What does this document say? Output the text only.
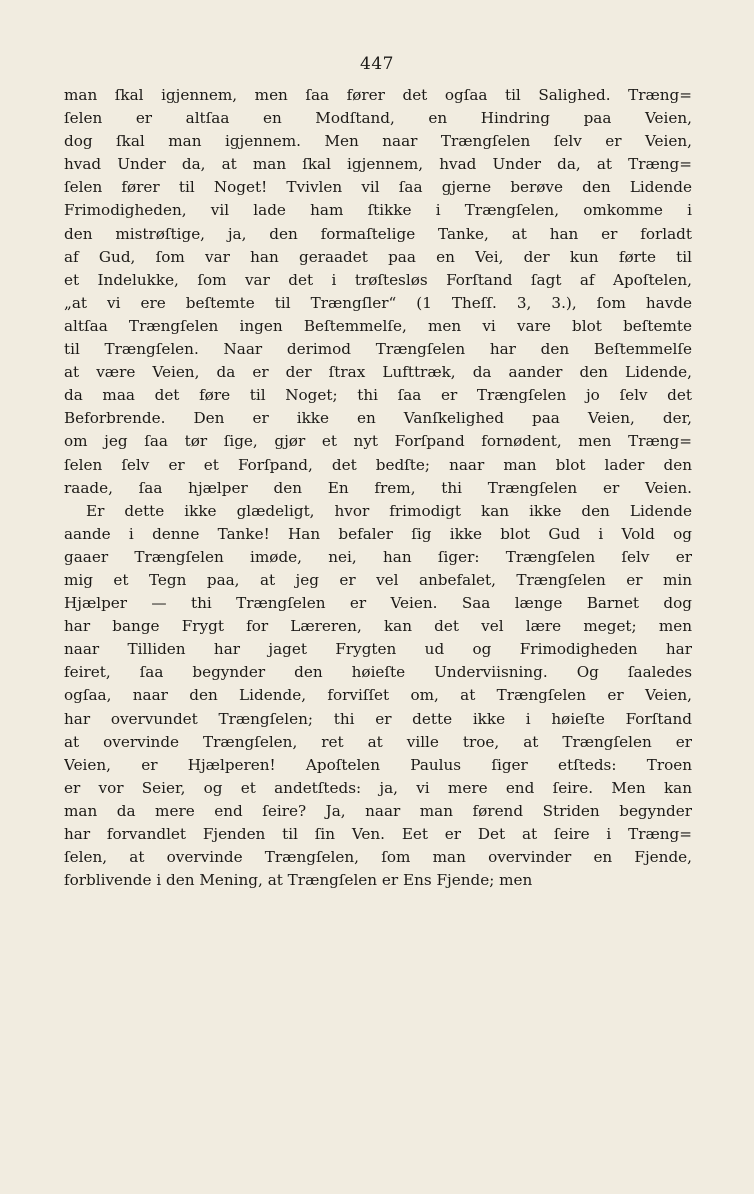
447
man ſkal igjennem, men ſaa fører det ogſaa til Salighed. Træng=
ſelen er altſaa en Modſtand, en Hindring paa Veien,
dog ſkal man igjennem. Men naar Trængſelen ſelv er Veien,
hvad Under da, at man ſkal igjennem, hvad Under da, at Træng=
ſelen fører til Noget! Tvivlen vil ſaa gjerne berøve den Lidende
Frimodigheden, vil lade ham ſtikke i Trængſelen, omkomme i
den mistrøſtige, ja, den formaſtelige Tanke, at han er forladt
af Gud, ſom var han geraadet paa en Vei, der kun førte til
et Indelukke, ſom var det i trøſtesløs Forſtand ſagt af Apoſtelen,
„at vi ere beſtemte til Trængſler“ (1 Theſſ. 3, 3.), ſom havde
altſaa Trængſelen ingen Beſtemmelſe, men vi vare blot beſtemte
til Trængſelen. Naar derimod Trængſelen har den Beſtemmelſe
at være Veien, da er der ſtrax Lufttræk, da aander den Lidende,
da maa det føre til Noget; thi ſaa er Trængſelen jo ſelv det
Beforbrende. Den er ikke en Vanſkelighed paa Veien, der,
om jeg ſaa tør ſige, gjør et nyt Forſpand fornødent, men Træng=
ſelen ſelv er et Forſpand, det bedſte; naar man blot lader den
raade, ſaa hjælper den En frem, thi Trængſelen er Veien.
Er dette ikke glædeligt, hvor frimodigt kan ikke den Lidende
aande i denne Tanke! Han befaler ſig ikke blot Gud i Vold og
gaaer Trængſelen imøde, nei, han ſiger: Trængſelen ſelv er
mig et Tegn paa, at jeg er vel anbefalet, Trængſelen er min
Hjælper — thi Trængſelen er Veien. Saa længe Barnet dog
har bange Frygt for Læreren, kan det vel lære meget; men
naar Tilliden har jaget Frygten ud og Frimodigheden har
feiret, ſaa begynder den høieſte Underviisning. Og ſaaledes
ogſaa, naar den Lidende, forviſſet om, at Trængſelen er Veien,
har overvundet Trængſelen; thi er dette ikke i høieſte Forſtand
at overvinde Trængſelen, ret at ville troe, at Trængſelen er
Veien, er Hjælperen! Apoſtelen Paulus ſiger etſteds: Troen
er vor Seier, og et andetſteds: ja, vi mere end ſeire. Men kan
man da mere end ſeire? Ja, naar man førend Striden begynder
har forvandlet Fjenden til ſin Ven. Eet er Det at ſeire i Træng=
ſelen, at overvinde Trængſelen, ſom man overvinder en Fjende,
forblivende i den Mening, at Trængſelen er Ens Fjende; men
